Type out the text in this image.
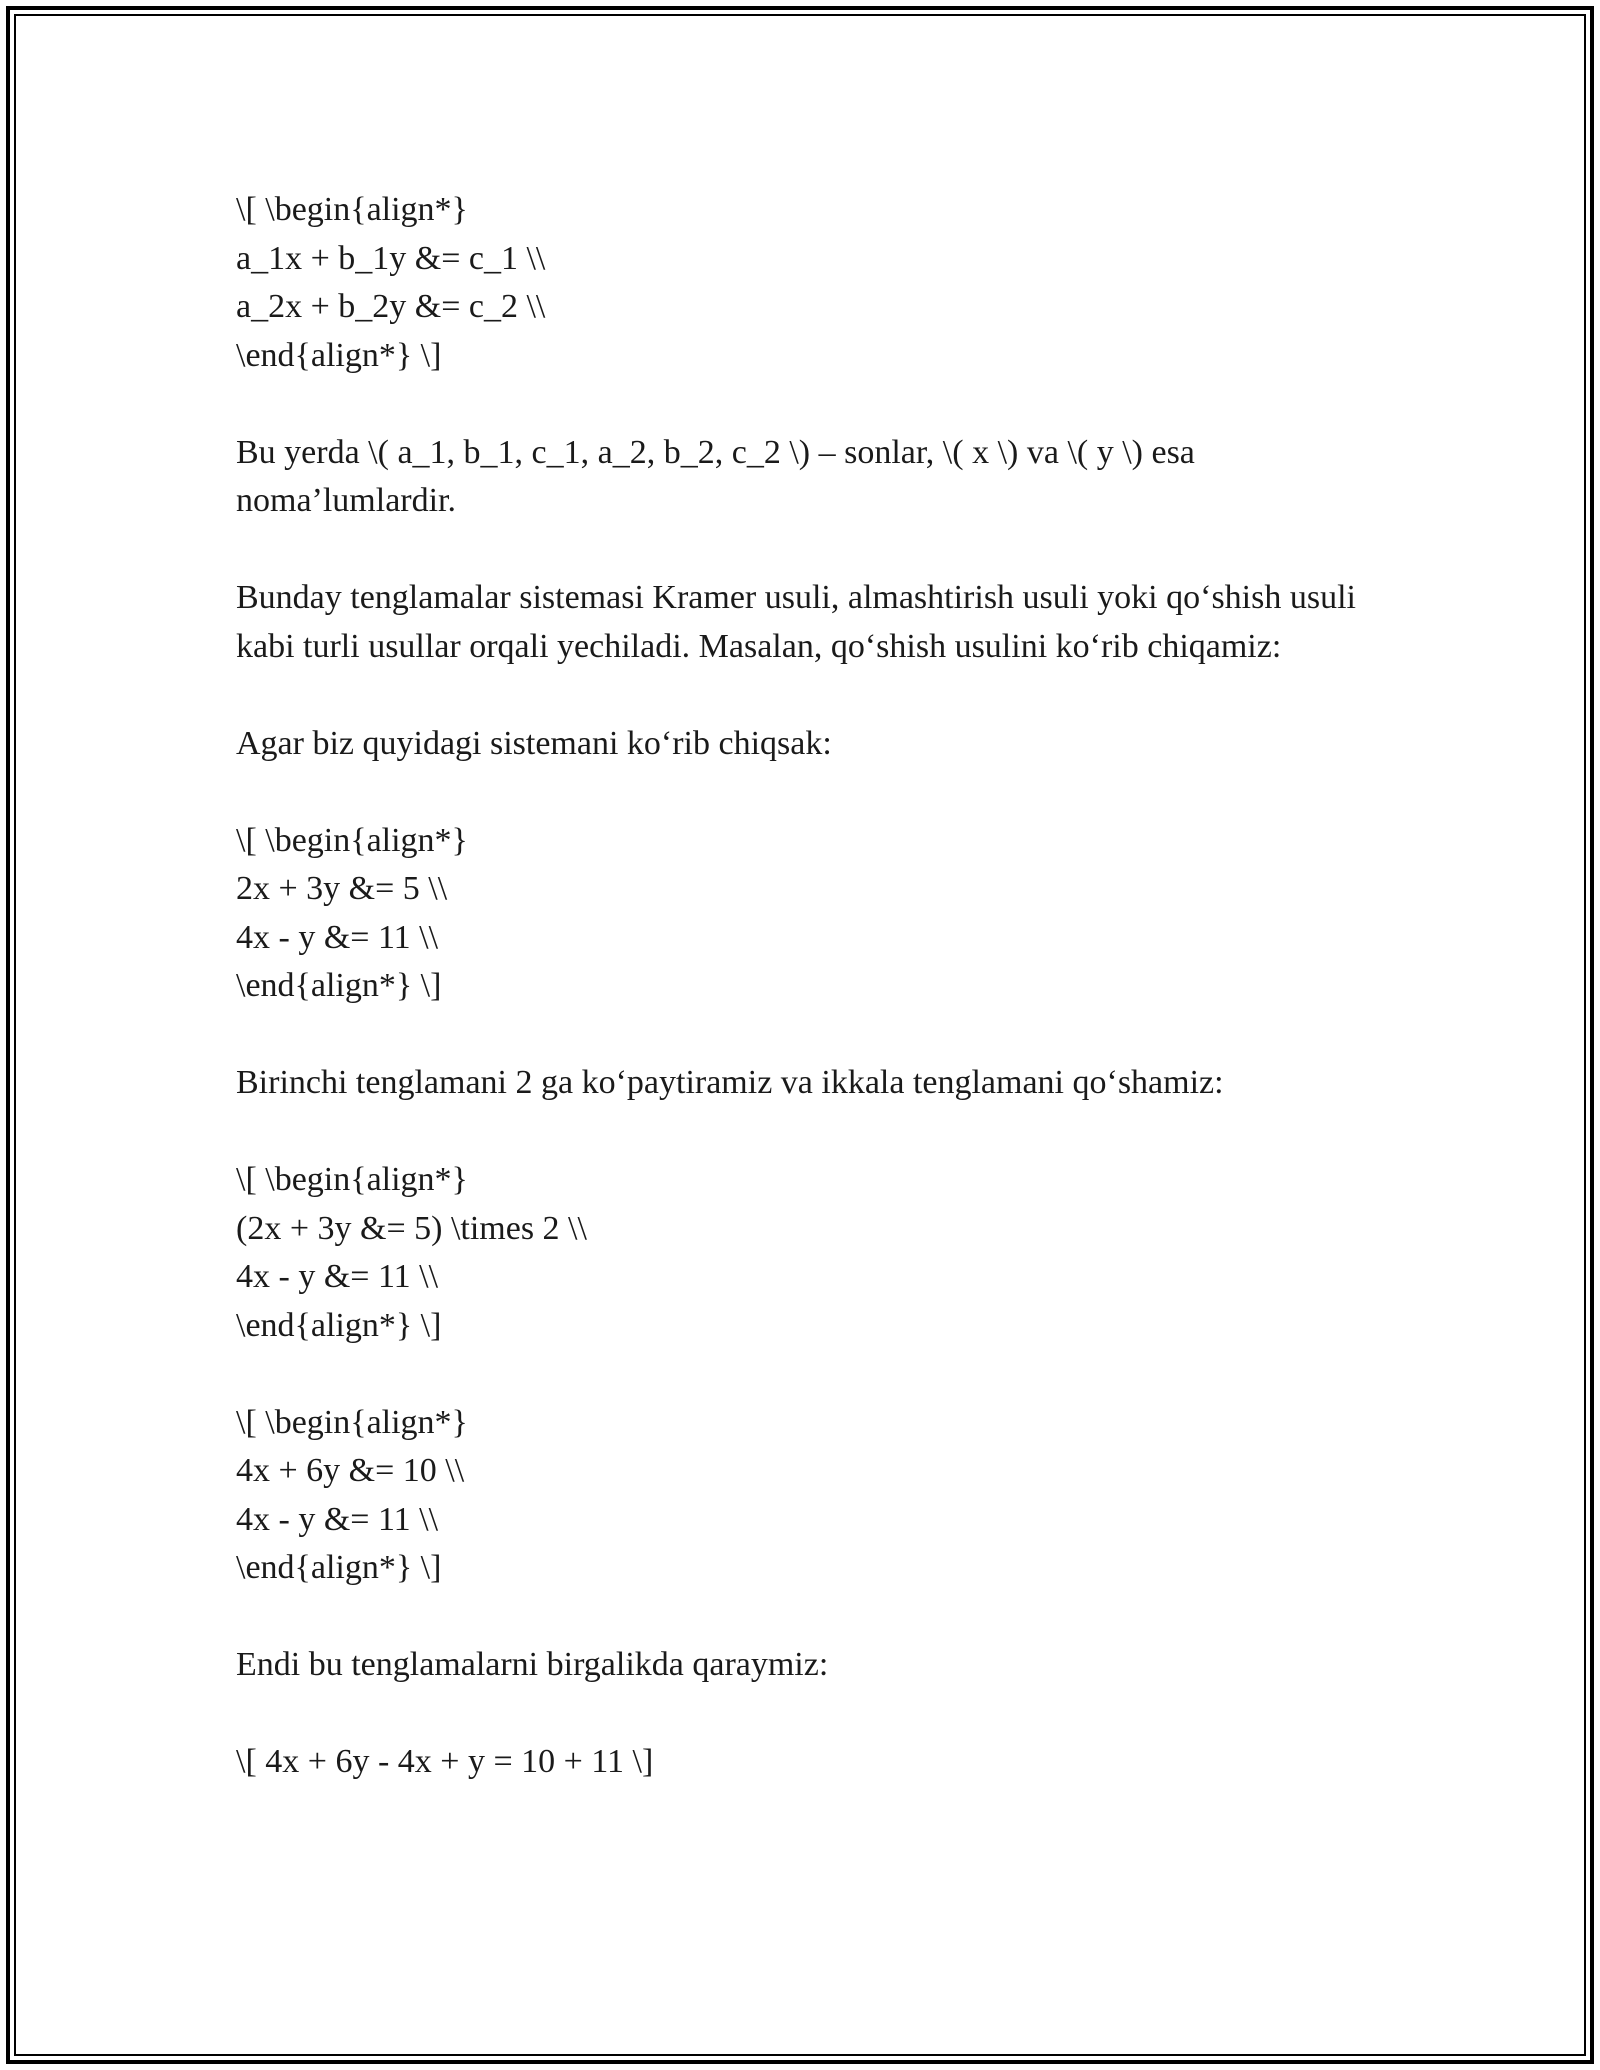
\[ \begin{align*}
a_1x + b_1y &= c_1 \\
a_2x + b_2y &= c_2 \\
\end{align*} \]
Bu yerda \( a_1, b_1, c_1, a_2, b_2, c_2 \) – sonlar, \( x \) va \( y \) esa noma’lumlardir.
Bunday tenglamalar sistemasi Kramer usuli, almashtirish usuli yoki qo‘shish usuli kabi turli usullar orqali yechiladi. Masalan, qo‘shish usulini ko‘rib chiqamiz:
Agar biz quyidagi sistemani ko‘rib chiqsak:
\[ \begin{align*}
2x + 3y &= 5 \\
4x - y &= 11 \\
\end{align*} \]
Birinchi tenglamani 2 ga ko‘paytiramiz va ikkala tenglamani qo‘shamiz:
\[ \begin{align*}
(2x + 3y &= 5) \times 2 \\
4x - y &= 11 \\
\end{align*} \]
\[ \begin{align*}
4x + 6y &= 10 \\
4x - y &= 11 \\
\end{align*} \]
Endi bu tenglamalarni birgalikda qaraymiz:
\[ 4x + 6y - 4x + y = 10 + 11 \]
